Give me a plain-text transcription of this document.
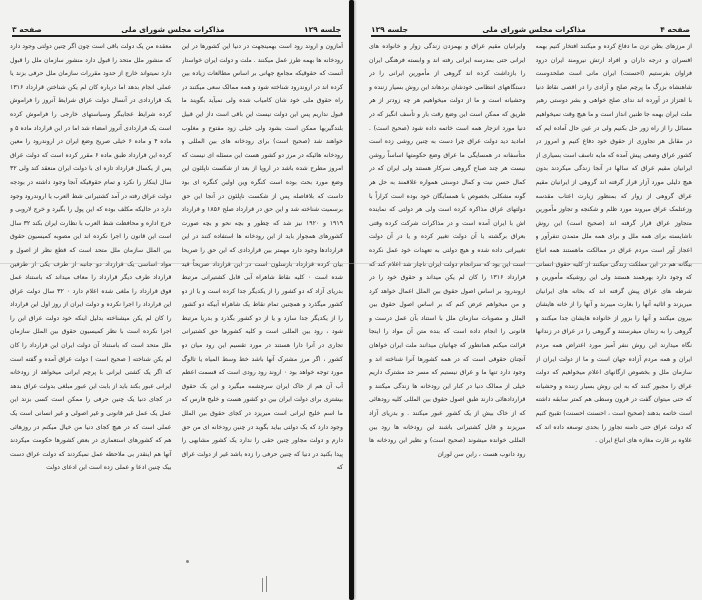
جلسه ۱۲۹
مذاکرات مجلس شورای ملی
صفحه ۳

آمازون و اروند رود است بهمینجهت در دنیا این کشورها در این رودخانه ها بهمه طرز عمل میکنند . ملت و دولت ایران خواستار آنست که حقوقیکه مجامع جهانی بر اساس مطالعات زیاده بین کرده اند در اروندرود شناخته شود و همه ممالک سعی میکنند در راه حقوق ملی خود شان کامیاب شده ولی نمیآید بگویند ما قبول نداریم پس این دولت نیست این باقی است داز این قبیل بلندگیریها ممکن است بشود ولی خیلی زود مفتوح و مغلوب خواهند شد (صحیح است) برای رودخانه های بین المللی و رودخانه هائیکه در مرز دو کشور هست این مسئله ای نیست که امروز مطرح شده باشد در اروپا از بعد از شکست ناپلئون این وضع مورد بحث بوده است کنگره وین اولین کنگره ای بود داست که بلافاصله پس از شکست ناپلئون در آنجا این حق برسمیت شناخته شد و این حق در قرارداد صلح ۱۸۵۶ و قرارداد ۱۹۱۹ و ۱۹۲۰ نیز شد که چطور و بچه نحو و بچه صورت کشورهای همجوار باید از این رودخانه ها استفاده کنند در این قراردادها وجود دارد مهمتر بین قراردادی که این حق را صریحا بیان کرده قرارداد بارسلون است در این قرارداد صریحاً قید شده است ۰ کلیه نقاط شاهراه آبی قابل کشتیرانی مرتبط بدریای آزاد که دو کشور را از یکدیگر جدا کرده است و یا از دو کشور میگذرد و همچنین تمام نقاط یک شاهراه آبیکه دو کشور را از یکدیگر جدا سازد و یا از دو کشور بگذرد و بدریا مرتبط شود ، رود بین المللی است و کلیه کشورها حق کشتیرانی تجاری در آنرا دارا هستند در مورد تقسیم این رود میان دو کشور ، اگر مرز مشترک آنها باشد خط وسط المیاه یا تالوگ مورد توجه خواهد بود ۰ اروند رود رودی است که قسمت اعظم آب آن هم از خاک ایران سرچشمه میگیرد و این یک حقوق بیشتری برای دولت ایران بین دو کشور هست و خلیج فارس که ما اسم خلیج ایرانی است میریزد در کجای حقوق بین الملل وجود دارد که یک دولتی بیاید بگوید در چنین رودخانه ای من حق دارم و دولت مجاور چنین حقی را ندارد یک کشور مشابهی را پیدا بکنید در دنیا که چنین حرفی را زده باشد غیر از دولت عراق که

معقده من یک دولت باقی است چون اگر چنین دولتی وجود دارد که منشور ملل متحد را قبول دارد منشور سازمان ملل را قبول دارد نمیتواند خارج از حدود مقررات سازمان ملل حرفی بزند یا عملی انجام بدهد اما درباره کان لم یکن شناختن قرارداد ۱۳۱۶ یک قراردادی در آنسال دولت عراق شرایط آنروز را فراموش کرده شرایط عجایبگر وسیاستهای خارجی را فراموش کرده است یک قراردادی آنروز امضاء شد اما در این قرارداد ماده ۵ و ماده ۴ و ماده ۶ خیلی صریح وضع ایران در اروندرود را معین کرده این قرارداد طبق ماده ۶ مقرر کرده است که دولت عراق پس از یکسال قرارداد تازه ای با دولت ایران منعقد کند ولی ۳۲ سال اینکار را نکرد و تمام حقوقیکه آنجا وجود داشته در بودجه دولت عراق رفته در آمد کشتیرانی شط العرب یا اروندرود وجود دارد در حالیکه مکلف بوده که این پول را بگیرد و خرج لاروبی و خرج اداره و محافظت شط العرب با نظارت ایران بکند ۳۲ سال است این قانون را اجرا نکرده اند این مصوبه کمیسیون حقوق بین الملل سازمان ملل متحد است که قطع نظر از اصول و مواد اساسی یک قرارداد دو جانبه از طرف یکی از طرفین قرارداد طرف دیگر قرارداد را معاف میداند که باستناد عمل فوق قرارداد را ملغی شده اعلام دارد ۰ ۳۲ سال دولت عراق این قرارداد را اجرا نکرده و دولت ایران از روز اول این قرارداد را کان لم یکن میشناخته بدلیل اینکه خود دولت عراق این را اجرا نکرده است با نظر کمیسیون حقوق بین الملل سازمان ملل متحد است که باستناد آن دولت ایران این قرارداد را کان لم یکن شناخته ( صحیح است ) دولت عراق آمده و گفته است که اگر یک کشتی ایرانی با پرچم ایرانی میخواهد از رودخانه ایرانی عبور بکند باید از بابت این عبور مبلغی بدولت عراق بدهد در کجای دنیا یک چنین حرفی را ممکن است کسی بزند این عمل یک عمل غیر قانونی و غیر اصولی و غیر انسانی است یک عملی است که در هیچ کجای دنیا من خیال میکنم در روزهائی هم که کشورهای استعماری در بعض کشورها حکومت میکردند آنها هم اینقدر بی ملاحظه عمل نمیکردند که دولت عراق دست بیک چنین ادعا و عملی زده است این ادعای دولت

صفحه ۴
مذاکرات مجلس شورای ملی
جلسه ۱۲۹

از مرزهای بطن ترن ما دفاع کرده و میکنند افتخار کنیم بهمه افسران و درجه داران و افراد ارتش نیرومند ایران درود فراوان بفرستیم (احسنت) ایران مانی است صلحدوست شاهنشاه بزرگ ما پرچم صلح و آزادی را در اقصی نقاط دنیا با اهتزاز در آورده اند ندای صلح خواهی و بشر دوستی رهبر ملت ایران بهمه جا طنین انداز است و ما هیچ وقت نمیخواهیم مسائل را از راه زور حل بکنیم ولی در عین حال آماده ایم که در مقابل هر تجاوزی از حقوق خود دفاع کنیم و امروز در کشور عراق وضعی پیش آمده که مایه تاسف است بسیاری از ایرانیان مقیم عراق که سالها در آنجا زندگی میکردند بدون هیچ دلیلی مورد آزار قرار گرفته اند گروهی از ایرانیان مقیم عراق گروهی از زوار که بمنظور زیارت اعتاب مقدسه وزعتلمک عراق میروند مورد ظلم و شکنجه و تجاوز مأمورین متجاوز عراق قرار گرفته اند (صحیح است) این روش ناشایسته برای همه ملل و برای همه ملل متمدن تنفرآور و اعجاز آور است مردم عراق در ممالکت ماهستند همه اتباع بیگانه هم در این مملکت زندگی میکنند از کلیه حقوق انسانی که وجود دارد بهرهمند هستند ولی این روشیکه مأمورین و شرطه های عراق پیش گرفته اند که بخانه های ایرانیان میریزند و اثاثیه آنها را بغارت میبرند و آنها را از خانه هایشان بیرون میکنند و آنها را بزور از خانواده هایشان جدا میکنند و گروهی را به زندان میفرستند و گروهی را در عراق در زندانها نگاه میدارند این روش ننفر آمیز مورد اعتراض همه مردم ایران و همه مردم آزاده جهان است و ما از دولت ایران از سازمان ملل و بخصوص ارگانهای اعلام میخواهیم که دولت عراق را مجبور کنند که به این روش بسیار زننده و وحشیانه که حتی میتوان گفت در قرون وسطی هم کمتر سابقه داشته است خاتمه بدهند (صحیح است ، احسنت احسنت) تقبیح کنیم که دولت عراق حتی دامنه تجاوز را بحدی توسعه داده اند که علاوه بر غارت مغازه های اتباع ایران .

وایرانیان مقیم عراق و بهمزدن زندگی زوار و خانواده های ایرانی حتی بمدرسه ایرانی رفته اند و وابسته فرهنگی ایران را بازداشت کرده اند گروهی از مأمورین ایرانی را در دستگاههای انتظامی خودشان بردهاند این روش بسیار زننده و وحشیانه است و ما از دولت میخواهیم هر چه زودتر از هر طریق که ممکن است این وضع رقت بار و تأسف انگیز که در دنیا مورد انزجار همه است خاتمه داده شود (صحیح است) . امادید دید دولت عراق چرا دست به چنین روشی زده است متأسفانه در همسایگی ما عراق وضع حکومتها اساساً روشن نیست هر چند صباح گروهی سرکار هستند ولی ایران که در کمال حسن نیت و کمال دوستی همواره علاقمند به حل هر گونه مشکلی بخصوص با همسایگان خود بوده است کراراً با دولتهای عراق مذاکره کرده است ولی هر دولتی که نماینده اش با ایران آمده است و در مذاکرات شرکت کرده وقتی بعراق برگشته یا آن دولت تغییر کرده و یا در آن دولت تغییراتی داده شده و هیچ دولتی به تعهدات خود عمل نکرده است این بود که سرانجام دولت ایران ناچار شد اعلام کند که قرارداد ۱۳۱۶ را کان لم یکن میداند و حقوق خود را در اروندرود بر اساس اصول حقوق بین الملل اعمال خواهد کرد و من میخواهم عرض کنم که بر اساس اصول حقوق بین الملل و مصوبات سازمان ملل با استناد بآن عمل درست و قانونی را انجام داده است که بنده متن آن مواد را اینجا قرائت میکنم همانطور که جهانیان میدانند ملت ایران خواهان آنچنان حقوقی است که در همه کشورها آنرا شناخته اند و وجود دارد تنها ما و عراق نیستیم که مسر حد مشترک داریم خیلی از ممالک دنیا در کنار این رودخانه ها زندگی میکنند و قراردادهائی دارند طبق اصول حقوق بین المللی کلیه رودهائی که از خاک بیش از یک کشور عبور میکنند . و بدریای آزاد میریزند و قابل کشتیرانی باشند این رودخانه ها رود بین المللی خوانده میشوند (صحیح است) و نظیر این رودخانه ها رود دانوب هست ، راین سن لوران
